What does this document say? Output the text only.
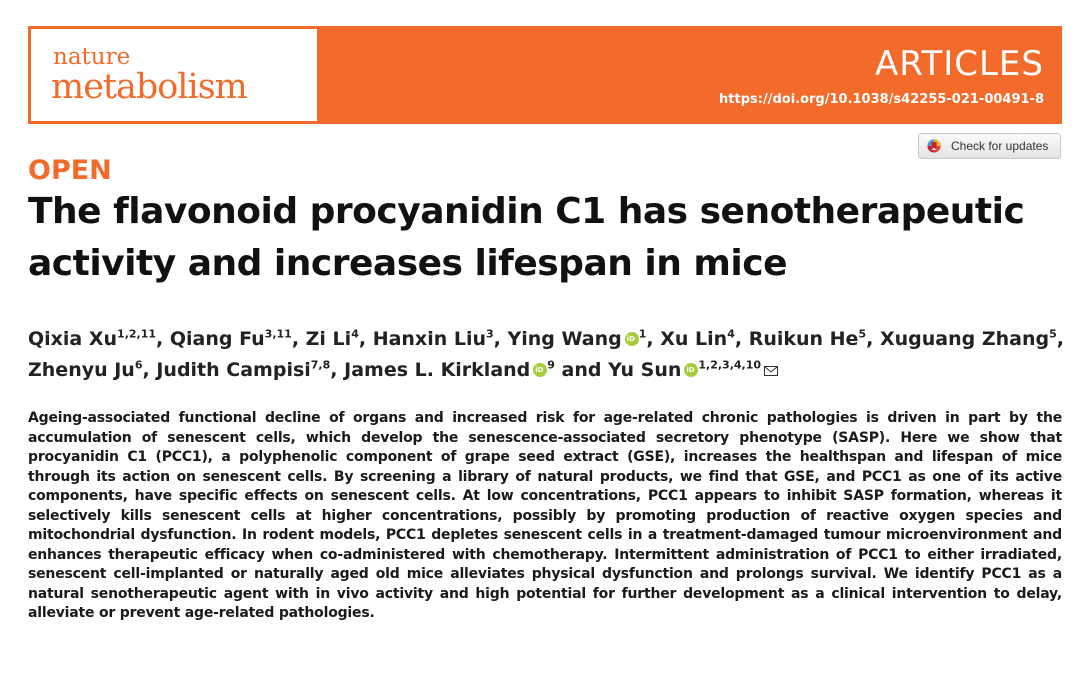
nature
metabolism
ARTICLES
https://doi.org/10.1038/s42255-021-00491-8
Check for updates
OPEN
The flavonoid procyanidin C1 has senotherapeutic activity and increases lifespan in mice

Qixia Xu$^{1,2,11}$, Qiang Fu$^{3,11}$, Zi Li$^4$, Hanxin Liu$^3$, Ying Wang iD $^1$, Xu Lin$^4$, Ruikun He$^5$, Xuguang Zhang$^5$, Zhenyu Ju$^6$, Judith Campisi$^{7,8}$, James L. Kirkland iD $^9$ and Yu Sun iD $^{1,2,3,4,10}$

Ageing-associated functional decline of organs and increased risk for age-related chronic pathologies is driven in part by the accumulation of senescent cells, which develop the senescence-associated secretory phenotype (SASP). Here we show that procyanidin C1 (PCC1), a polyphenolic component of grape seed extract (GSE), increases the healthspan and lifespan of mice through its action on senescent cells. By screening a library of natural products, we find that GSE, and PCC1 as one of its active components, have specific effects on senescent cells. At low concentrations, PCC1 appears to inhibit SASP formation, whereas it selectively kills senescent cells at higher concentrations, possibly by promoting production of reactive oxygen species and mitochondrial dysfunction. In rodent models, PCC1 depletes senescent cells in a treatment-damaged tumour microenvironment and enhances therapeutic efficacy when co-administered with chemotherapy. Intermittent administration of PCC1 to either irradiated, senescent cell-implanted or naturally aged old mice alleviates physical dysfunction and prolongs survival. We identify PCC1 as a natural senotherapeutic agent with in vivo activity and high potential for further development as a clinical intervention to delay, alleviate or prevent age-related pathologies.
